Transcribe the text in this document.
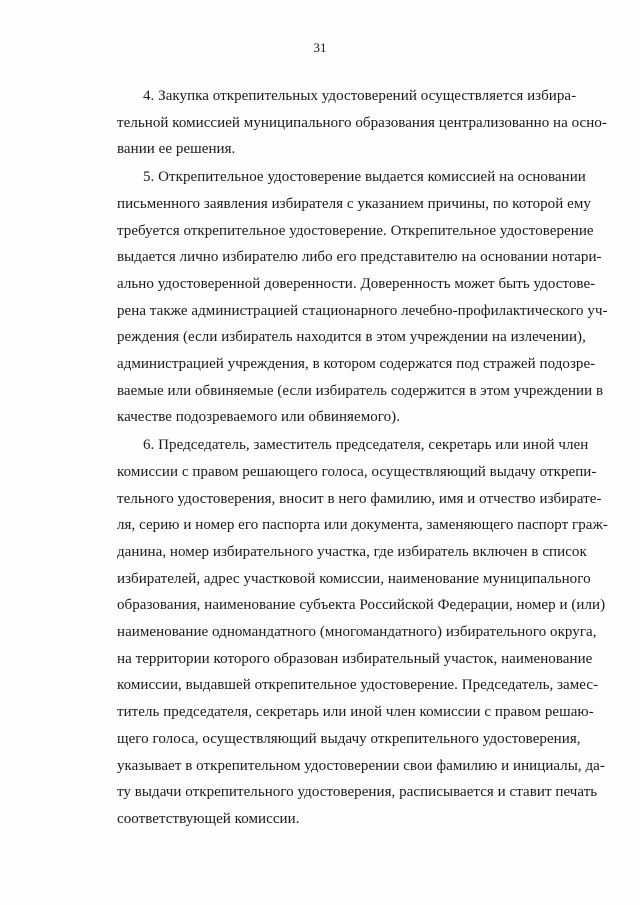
31

4. Закупка открепительных удостоверений осуществляется избира-
тельной комиссией муниципального образования централизованно на осно-
вании ее решения.

5. Открепительное удостоверение выдается комиссией на основании
письменного заявления избирателя с указанием причины, по которой ему
требуется открепительное удостоверение. Открепительное удостоверение
выдается лично избирателю либо его представителю на основании нотари-
ально удостоверенной доверенности. Доверенность может быть удостове-
рена также администрацией стационарного лечебно-профилактического уч-
реждения (если избиратель находится в этом учреждении на излечении),
администрацией учреждения, в котором содержатся под стражей подозре-
ваемые или обвиняемые (если избиратель содержится в этом учреждении в
качестве подозреваемого или обвиняемого).

6. Председатель, заместитель председателя, секретарь или иной член
комиссии с правом решающего голоса, осуществляющий выдачу открепи-
тельного удостоверения, вносит в него фамилию, имя и отчество избирате-
ля, серию и номер его паспорта или документа, заменяющего паспорт граж-
данина, номер избирательного участка, где избиратель включен в список
избирателей, адрес участковой комиссии, наименование муниципального
образования, наименование субъекта Российской Федерации, номер и (или)
наименование одномандатного (многомандатного) избирательного округа,
на территории которого образован избирательный участок, наименование
комиссии, выдавшей открепительное удостоверение. Председатель, замес-
титель председателя, секретарь или иной член комиссии с правом решаю-
щего голоса, осуществляющий выдачу открепительного удостоверения,
указывает в открепительном удостоверении свои фамилию и инициалы, да-
ту выдачи открепительного удостоверения, расписывается и ставит печать
соответствующей комиссии.
